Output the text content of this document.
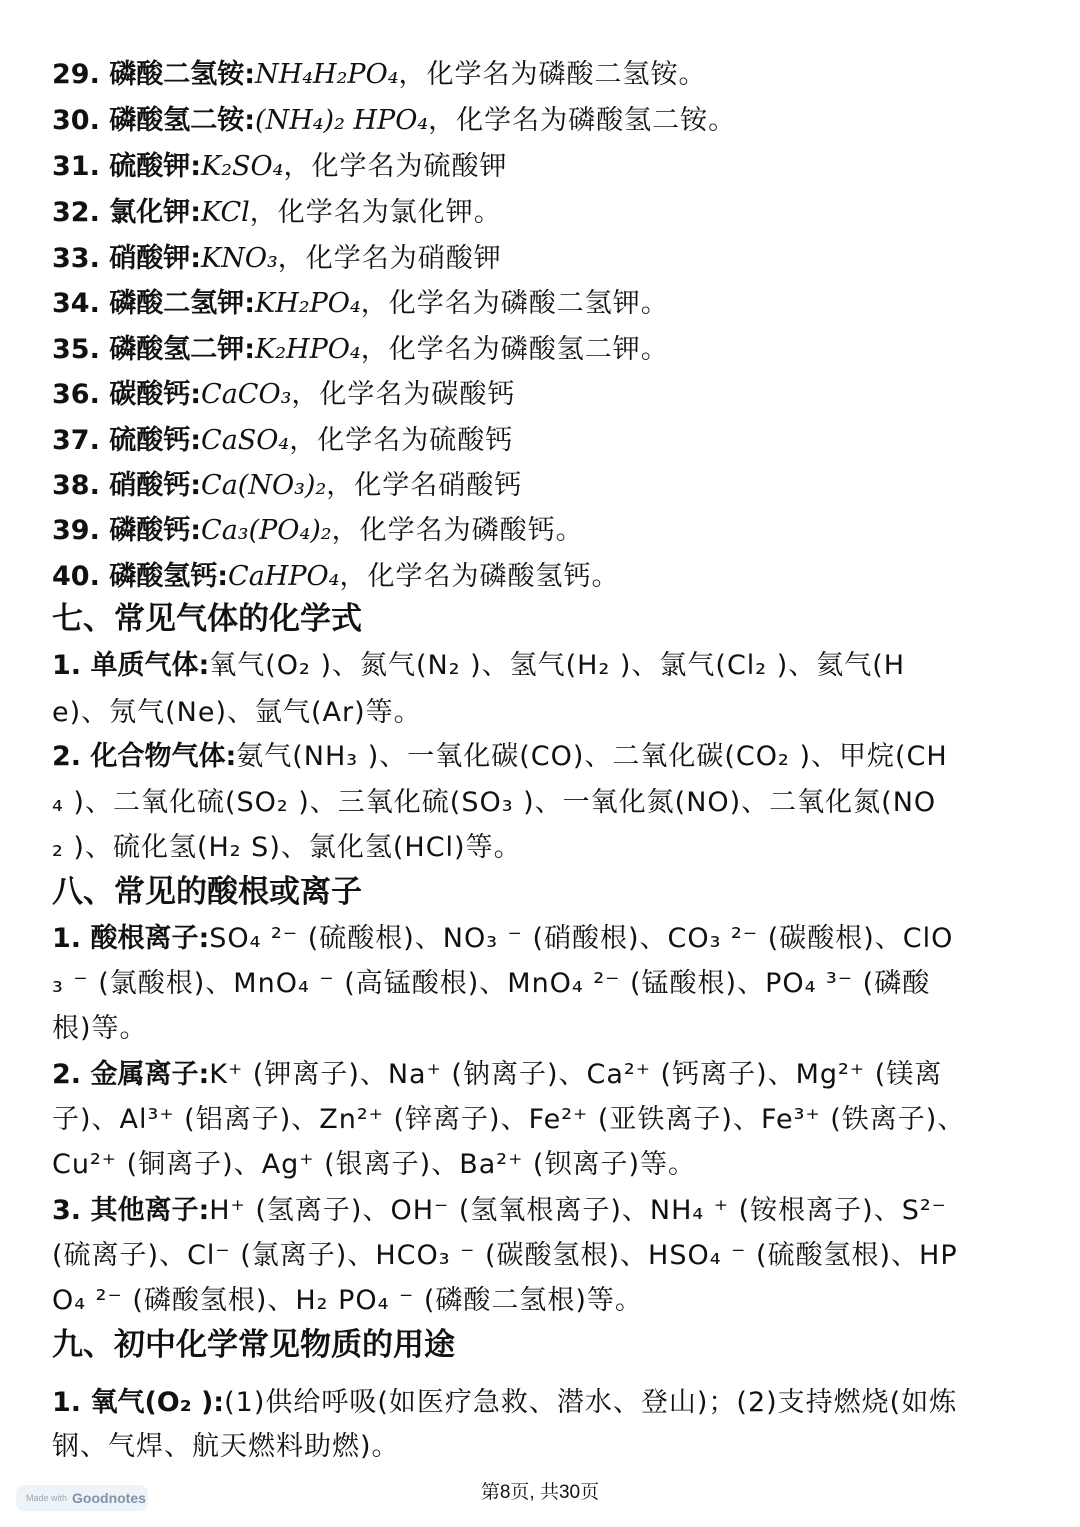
29. 磷酸二氢铵:NH₄H₂PO₄，化学名为磷酸二氢铵。
30. 磷酸氢二铵:(NH₄)₂ HPO₄，化学名为磷酸氢二铵。
31. 硫酸钾:K₂SO₄，化学名为硫酸钾
32. 氯化钾:KCl，化学名为氯化钾。
33. 硝酸钾:KNO₃，化学名为硝酸钾
34. 磷酸二氢钾:KH₂PO₄，化学名为磷酸二氢钾。
35. 磷酸氢二钾:K₂HPO₄，化学名为磷酸氢二钾。
36. 碳酸钙:CaCO₃，化学名为碳酸钙
37. 硫酸钙:CaSO₄，化学名为硫酸钙
38. 硝酸钙:Ca(NO₃)₂，化学名硝酸钙
39. 磷酸钙:Ca₃(PO₄)₂，化学名为磷酸钙。
40. 磷酸氢钙:CaHPO₄，化学名为磷酸氢钙。
七、常见气体的化学式
1. 单质气体:氧气(O₂ )、氮气(N₂ )、氢气(H₂ )、氯气(Cl₂ )、氦气(H
e)、氖气(Ne)、氩气(Ar)等。
2. 化合物气体:氨气(NH₃ )、一氧化碳(CO)、二氧化碳(CO₂ )、甲烷(CH
₄ )、二氧化硫(SO₂ )、三氧化硫(SO₃ )、一氧化氮(NO)、二氧化氮(NO
₂ )、硫化氢(H₂ S)、氯化氢(HCl)等。
八、常见的酸根或离子
1. 酸根离子:SO₄ ²⁻ (硫酸根)、NO₃ ⁻ (硝酸根)、CO₃ ²⁻ (碳酸根)、ClO
₃ ⁻ (氯酸根)、MnO₄ ⁻ (高锰酸根)、MnO₄ ²⁻ (锰酸根)、PO₄ ³⁻ (磷酸
根)等。
2. 金属离子:K⁺ (钾离子)、Na⁺ (钠离子)、Ca²⁺ (钙离子)、Mg²⁺ (镁离
子)、Al³⁺ (铝离子)、Zn²⁺ (锌离子)、Fe²⁺ (亚铁离子)、Fe³⁺ (铁离子)、
Cu²⁺ (铜离子)、Ag⁺ (银离子)、Ba²⁺ (钡离子)等。
3. 其他离子:H⁺ (氢离子)、OH⁻ (氢氧根离子)、NH₄ ⁺ (铵根离子)、S²⁻
(硫离子)、Cl⁻ (氯离子)、HCO₃ ⁻ (碳酸氢根)、HSO₄ ⁻ (硫酸氢根)、HP
O₄ ²⁻ (磷酸氢根)、H₂ PO₄ ⁻ (磷酸二氢根)等。
九、初中化学常见物质的用途
1. 氧气(O₂ ):(1)供给呼吸(如医疗急救、潜水、登山)；(2)支持燃烧(如炼
钢、气焊、航天燃料助燃)。
第8页, 共30页
Made with Goodnotes
